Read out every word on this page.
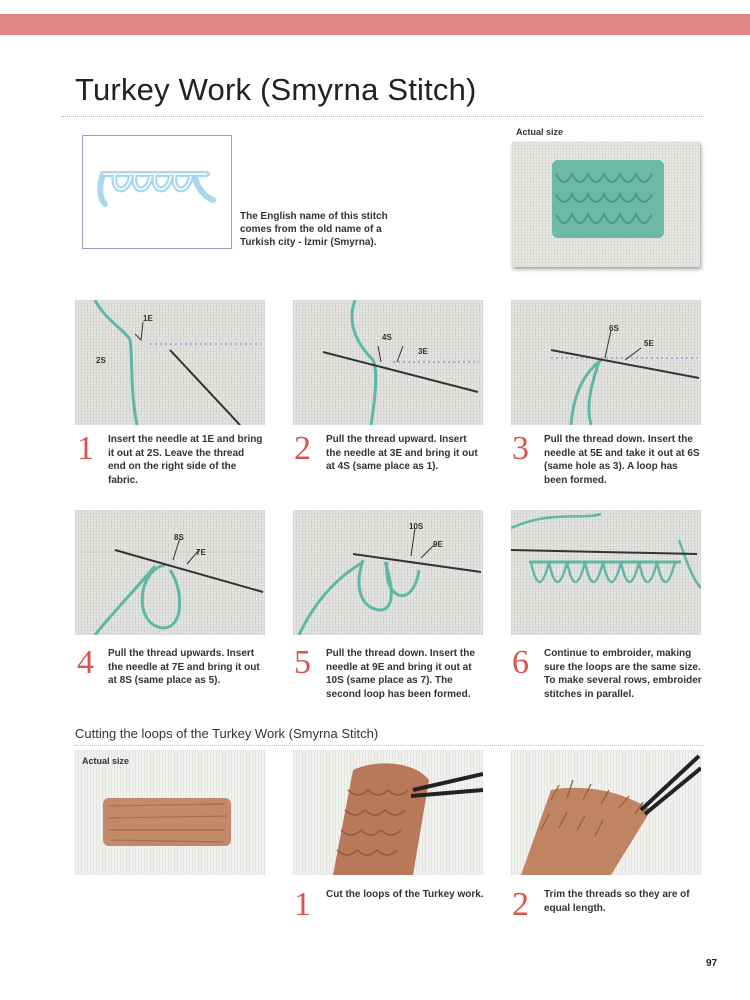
Turkey Work (Smyrna Stitch)
The English name of this stitch comes from the old name of a Turkish city - İzmir (Smyrna).
Actual size
1E
2S
4S
3E
6S
5E
1 Insert the needle at 1E and bring it out at 2S. Leave the thread end on the right side of the fabric.
2 Pull the thread upward. Insert the needle at 3E and bring it out at 4S (same place as 1).	3 Pull the thread down. Insert the needle at 5E and take it out at 6S (same hole as 3). A loop has been formed.
8S
7E
10S
9E
4 Pull the thread upwards. Insert the needle at 7E and bring it out at 8S (same place as 5).	5 Pull the thread down. Insert the needle at 9E and bring it out at 10S (same place as 7). The second loop has been formed.
6 Continue to embroider, making sure the loops are the same size. To make several rows, embroider stitches in parallel.
Cutting the loops of the Turkey Work (Smyrna Stitch)
Actual size
1 Cut the loops of the Turkey work. 2 Trim the threads so they are of equal length.
97
